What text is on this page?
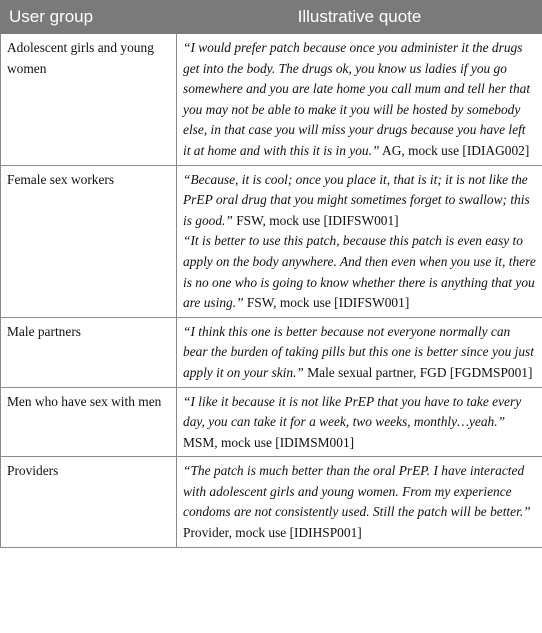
User group	Illustrative quote
Adolescent girls and young women	“I would prefer patch because once you administer it the drugs get into the body. The drugs ok, you know us ladies if you go somewhere and you are late home you call mum and tell her that you may not be able to make it you will be hosted by somebody else, in that case you will miss your drugs because you have left it at home and with this it is in you.” AG, mock use [IDIAG002]
Female sex workers	“Because, it is cool; once you place it, that is it; it is not like the PrEP oral drug that you might sometimes forget to swallow; this is good.” FSW, mock use [IDIFSW001]
“It is better to use this patch, because this patch is even easy to apply on the body anywhere. And then even when you use it, there is no one who is going to know whether there is anything that you are using.” FSW, mock use [IDIFSW001]
Male partners	“I think this one is better because not everyone normally can bear the burden of taking pills but this one is better since you just apply it on your skin.” Male sexual partner, FGD [FGDMSP001]
Men who have sex with men	“I like it because it is not like PrEP that you have to take every day, you can take it for a week, two weeks, monthly…yeah.” MSM, mock use [IDIMSM001]
Providers	“The patch is much better than the oral PrEP. I have interacted with adolescent girls and young women. From my experience condoms are not consistently used. Still the patch will be better.” Provider, mock use [IDIHSP001]
